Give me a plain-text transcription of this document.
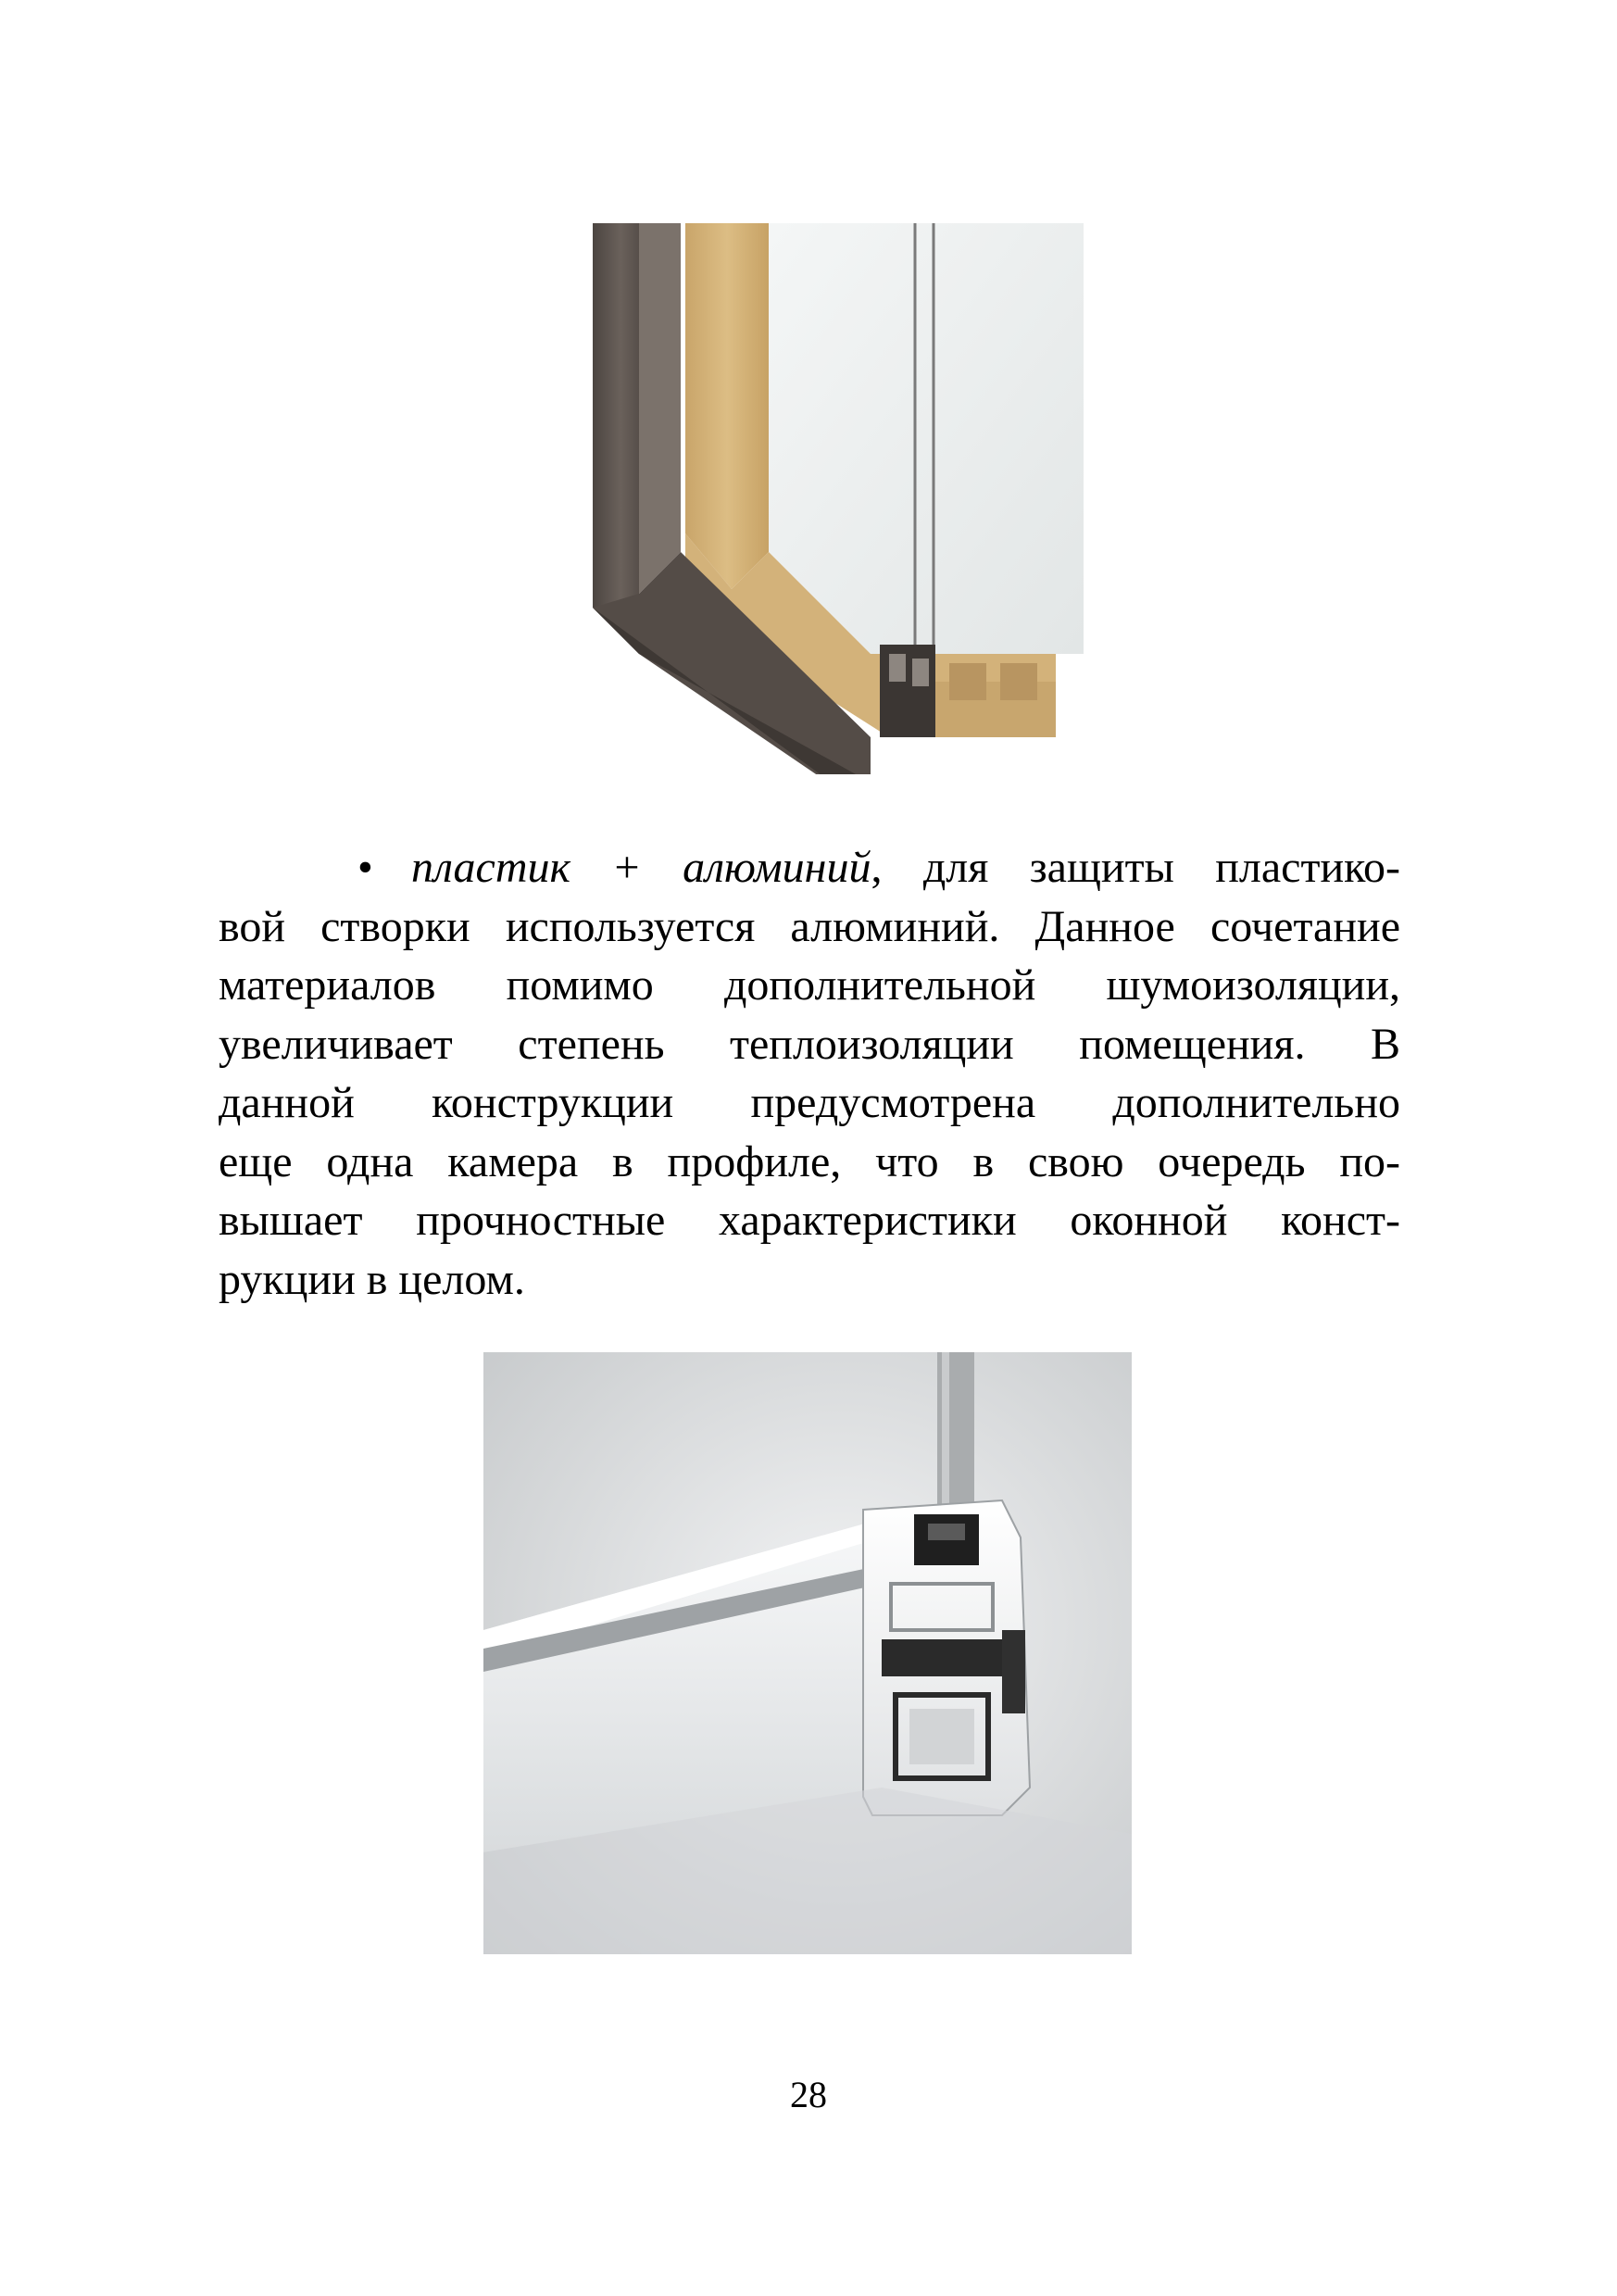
• пластик + алюминий, для защиты пластико-
вой створки используется алюминий. Данное сочетание
материалов помимо дополнительной шумоизоляции,
увеличивает степень теплоизоляции помещения. В
данной конструкции предусмотрена дополнительно
еще одна камера в профиле, что в свою очередь по-
вышает прочностные характеристики оконной конст-
рукции в целом.
28
